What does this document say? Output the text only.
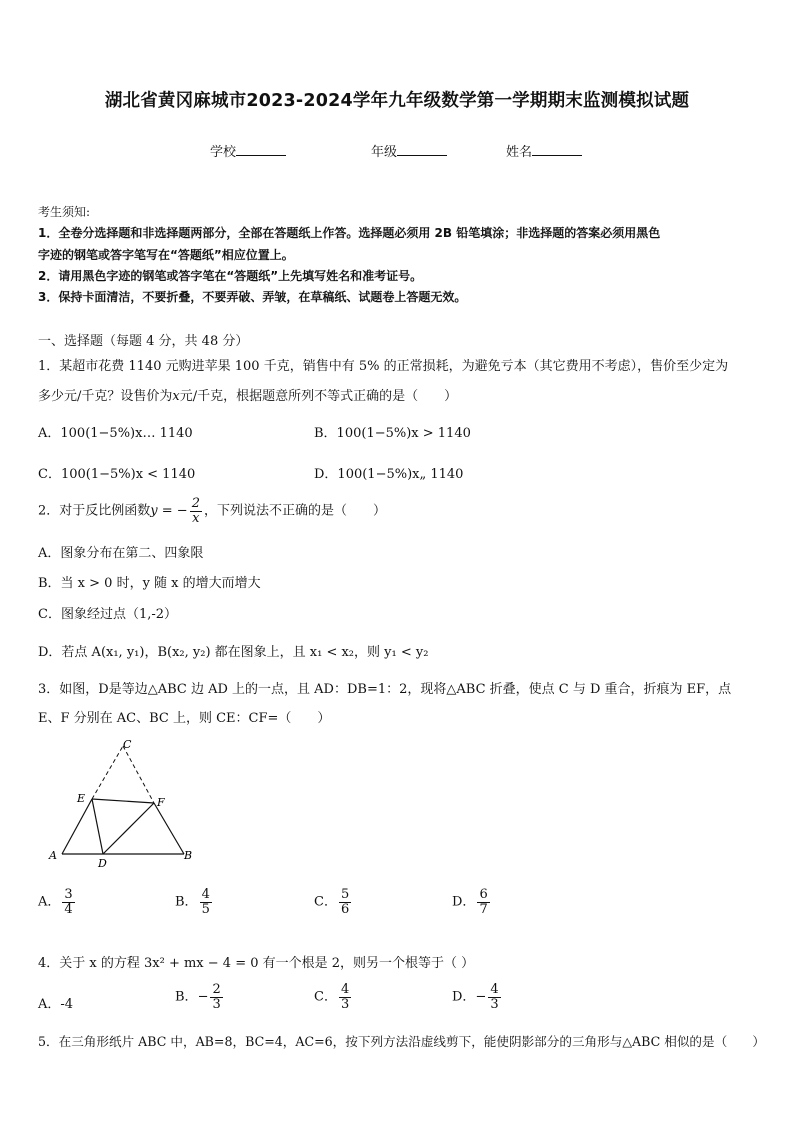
湖北省黄冈麻城市2023-2024学年九年级数学第一学期期末监测模拟试题
学校	年级	姓名
考生须知:
1．全卷分选择题和非选择题两部分，全部在答题纸上作答。选择题必须用 2B 铅笔填涂；非选择题的答案必须用黑色
字迹的钢笔或答字笔写在“答题纸”相应位置上。
2．请用黑色字迹的钢笔或答字笔在“答题纸”上先填写姓名和准考证号。
3．保持卡面清洁，不要折叠，不要弄破、弄皱，在草稿纸、试题卷上答题无效。
一、选择题（每题 4 分，共 48 分）
1．某超市花费 1140 元购进苹果 100 千克，销售中有 5% 的正常损耗，为避免亏本（其它费用不考虑），售价至少定为
多少元/千克？设售价为x元/千克，根据题意所列不等式正确的是（　　）
A．100(1−5%)x… 1140	B．100(1−5%)x > 1140
C．100(1−5%)x < 1140	D．100(1−5%)x„ 1140
2．对于反比例函数y = − $\frac{2}{x}$ ，下列说法不正确的是（　　）
A．图象分布在第二、四象限
B．当 x > 0 时，y 随 x 的增大而增大
C．图象经过点（1,-2）
D．若点 A(x₁, y₁)，B(x₂, y₂) 都在图象上，且 x₁ < x₂，则 y₁ < y₂
3．如图，D是等边△ABC 边 AD 上的一点，且 AD：DB=1：2，现将△ABC 折叠，使点 C 与 D 重合，折痕为 EF，点
E、F 分别在 AC、BC 上，则 CE：CF=（　　）
C
E	F
A	B
D
A． $\frac{3}{4}$	B． $\frac{4}{5}$	C． $\frac{5}{6}$	D． $\frac{6}{7}$
4．关于 x 的方程 3x² + mx − 4 = 0 有一个根是 2，则另一个根等于（ ）
A．-4	B．− $\frac{2}{3}$	C． $\frac{4}{3}$	D．− $\frac{4}{3}$
5．在三角形纸片 ABC 中，AB=8，BC=4，AC=6，按下列方法沿虚线剪下，能使阴影部分的三角形与△ABC 相似的是（　　）
